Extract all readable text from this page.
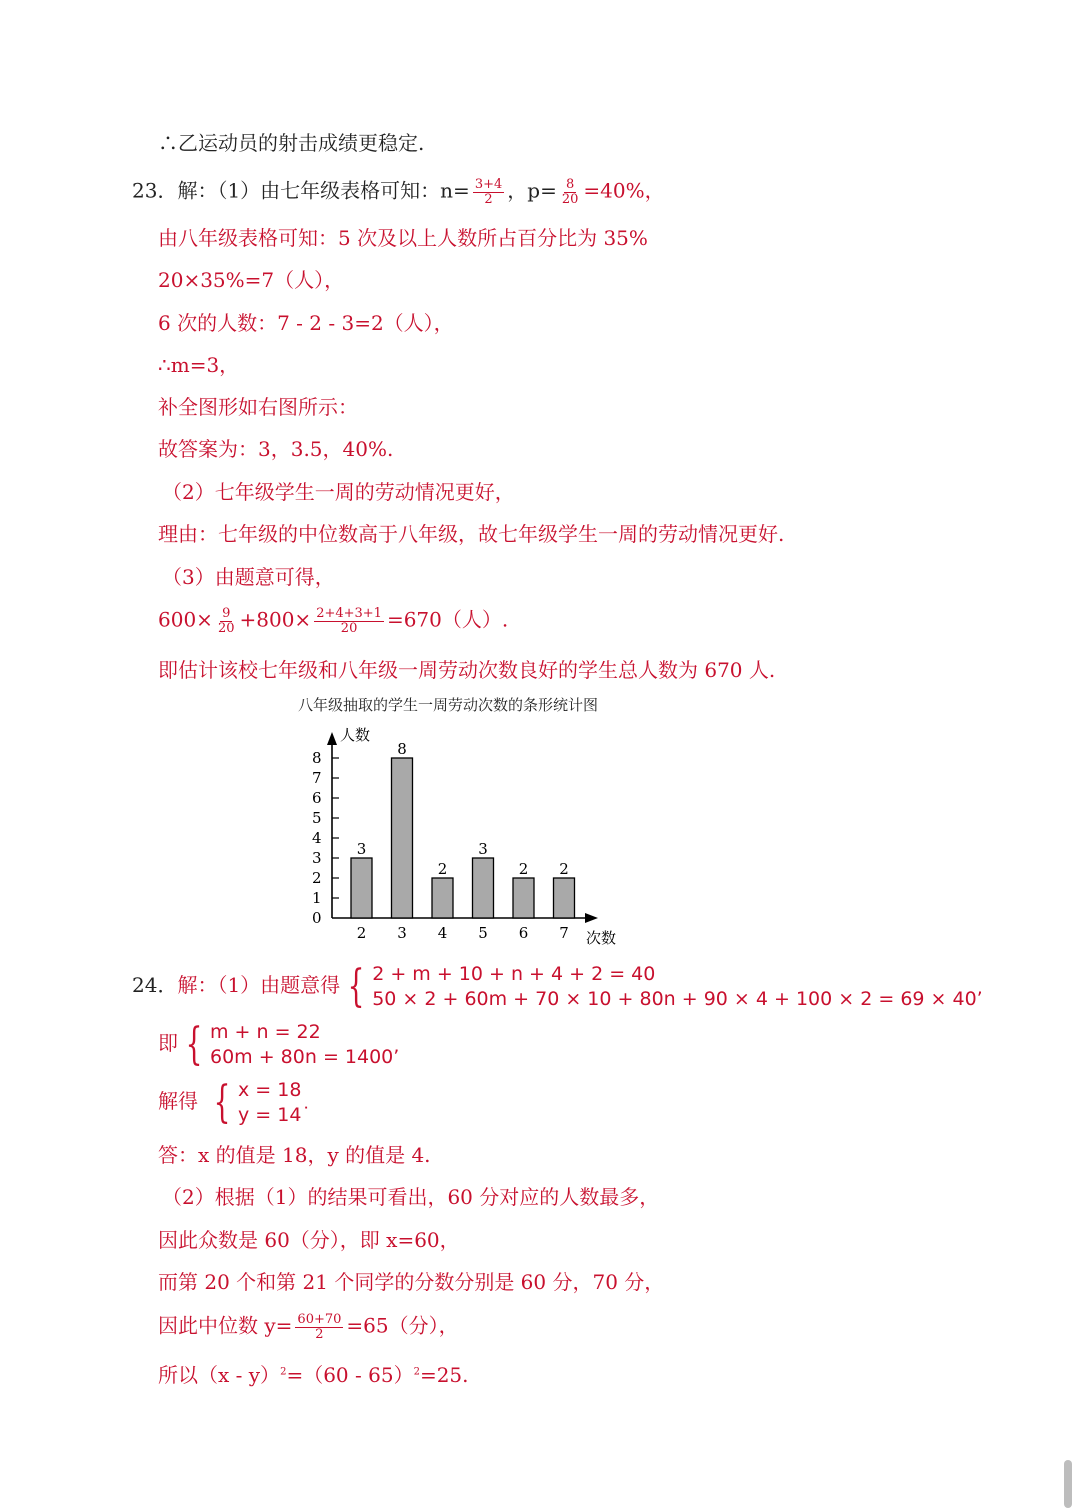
∴乙运动员的射击成绩更稳定.
23．解：（1）由七年级表格可知：$n= \frac{3+4}{2}$ ，$p= \frac{8}{20} =40\%$，
由八年级表格可知：5 次及以上人数所占百分比为 35%
20×35%=7（人），
6 次的人数：7 - 2 - 3=2（人），
∴m=3，
补全图形如右图所示：
故答案为：3，3.5，40%.
（2）七年级学生一周的劳动情况更好，
理由：七年级的中位数高于八年级，故七年级学生一周的劳动情况更好.
（3）由题意可得，
$600\times \frac{9}{20} +800\times \frac{2+4+3+1}{20} =670$（人）.
即估计该校七年级和八年级一周劳动次数良好的学生总人数为 670 人.
八年级抽取的学生一周劳动次数的条形统计图
0
1
2
3
4
5
6
7
8
人数
次数
3
2
8
3
2
4
3
5
2
6
2
7
24．解：（1）由题意得 { 2 + m + 10 + n + 4 + 2 = 40
50 × 2 + 60m + 70 × 10 + 80n + 90 × 4 + 100 × 2 = 69 × 40’
即 { m + n = 22
60m + 80n = 1400’
解得 { x = 18
y = 14˙
答：x 的值是 18，y 的值是 4.
（2）根据（1）的结果可看出，60 分对应的人数最多，
因此众数是 60（分），即 x=60，
而第 20 个和第 21 个同学的分数分别是 60 分，70 分，
因此中位数 $y= \frac{60+70}{2} =65$（分），
所以（x - y）$^2$=（60 - 65）$^2$=25.
